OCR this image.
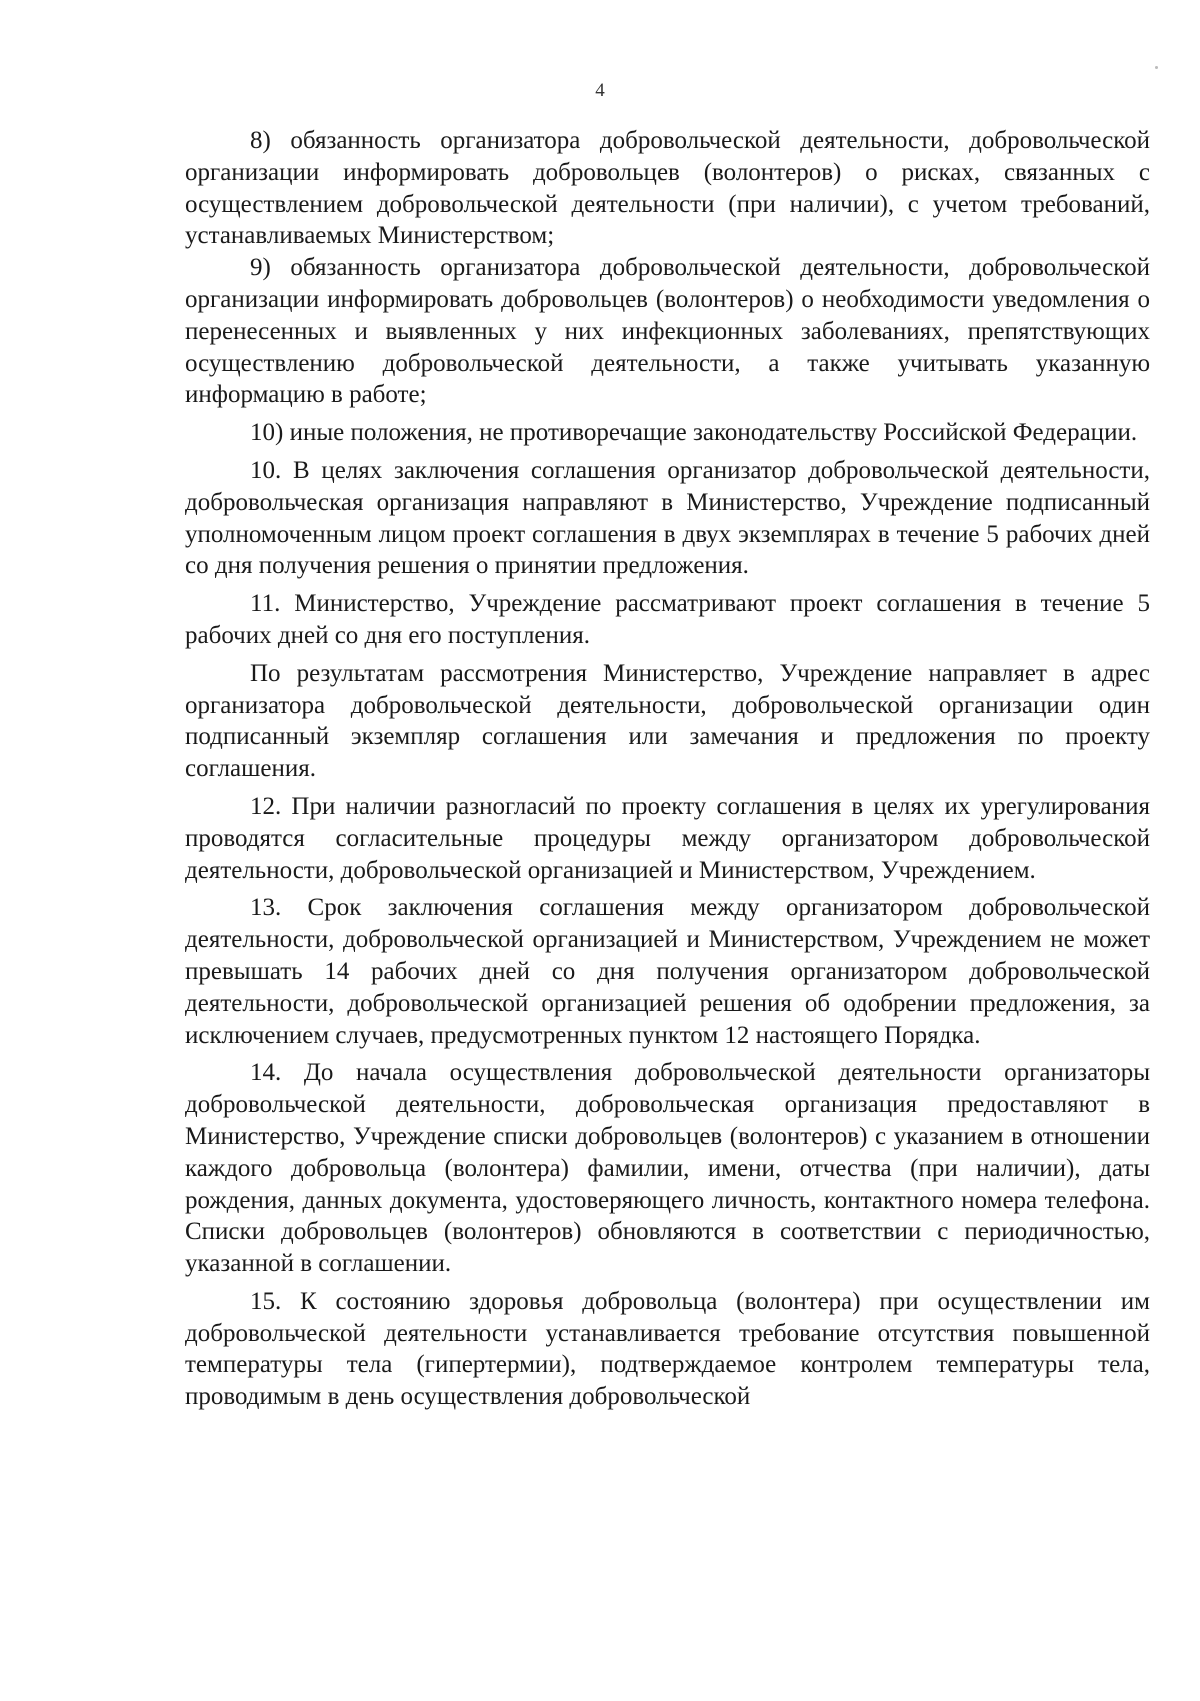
4

8) обязанность организатора добровольческой деятельности, добровольческой организации информировать добровольцев (волонтеров) о рисках, связанных с осуществлением добровольческой деятельности (при наличии), с учетом требований, устанавливаемых Министерством;

9) обязанность организатора добровольческой деятельности, добровольческой организации информировать добровольцев (волонтеров) о необходимости уведомления о перенесенных и выявленных у них инфекционных заболеваниях, препятствующих осуществлению добровольческой деятельности, а также учитывать указанную информацию в работе;

10) иные положения, не противоречащие законодательству Российской Федерации.

10. В целях заключения соглашения организатор добровольческой деятельности, добровольческая организация направляют в Министерство, Учреждение подписанный уполномоченным лицом проект соглашения в двух экземплярах в течение 5 рабочих дней со дня получения решения о принятии предложения.

11. Министерство, Учреждение рассматривают проект соглашения в течение 5 рабочих дней со дня его поступления.

По результатам рассмотрения Министерство, Учреждение направляет в адрес организатора добровольческой деятельности, добровольческой организации один подписанный экземпляр соглашения или замечания и предложения по проекту соглашения.

12. При наличии разногласий по проекту соглашения в целях их урегулирования проводятся согласительные процедуры между организатором добровольческой деятельности, добровольческой организацией и Министерством, Учреждением.

13. Срок заключения соглашения между организатором добровольческой деятельности, добровольческой организацией и Министерством, Учреждением не может превышать 14 рабочих дней со дня получения организатором добровольческой деятельности, добровольческой организацией решения об одобрении предложения, за исключением случаев, предусмотренных пунктом 12 настоящего Порядка.

14. До начала осуществления добровольческой деятельности организаторы добровольческой деятельности, добровольческая организация предоставляют в Министерство, Учреждение списки добровольцев (волонтеров) с указанием в отношении каждого добровольца (волонтера) фамилии, имени, отчества (при наличии), даты рождения, данных документа, удостоверяющего личность, контактного номера телефона. Списки добровольцев (волонтеров) обновляются в соответствии с периодичностью, указанной в соглашении.

15. К состоянию здоровья добровольца (волонтера) при осуществлении им добровольческой деятельности устанавливается требование отсутствия повышенной температуры тела (гипертермии), подтверждаемое контролем температуры тела, проводимым в день осуществления добровольческой
